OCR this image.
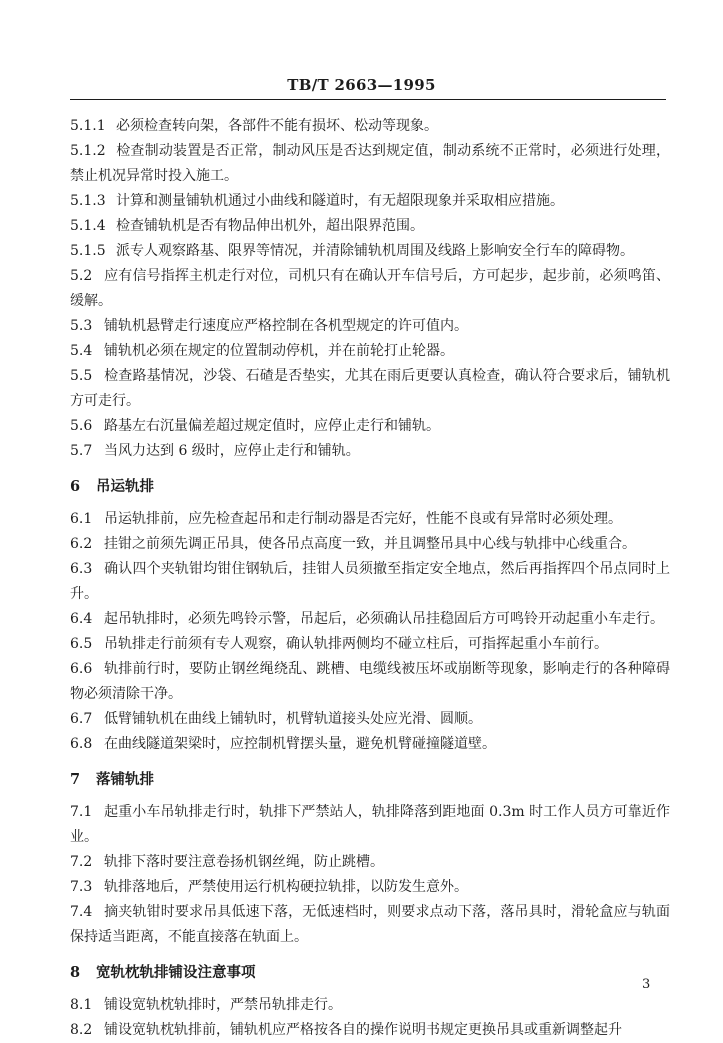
TB/T 2663—1995
5.1.1 必须检查转向架，各部件不能有损坏、松动等现象。
5.1.2 检查制动装置是否正常，制动风压是否达到规定值，制动系统不正常时，必须进行处理，禁止机况异常时投入施工。
5.1.3 计算和测量铺轨机通过小曲线和隧道时，有无超限现象并采取相应措施。
5.1.4 检查铺轨机是否有物品伸出机外，超出限界范围。
5.1.5 派专人观察路基、限界等情况，并清除铺轨机周围及线路上影响安全行车的障碍物。
5.2 应有信号指挥主机走行对位，司机只有在确认开车信号后，方可起步，起步前，必须鸣笛、缓解。
5.3 铺轨机悬臂走行速度应严格控制在各机型规定的许可值内。
5.4 铺轨机必须在规定的位置制动停机，并在前轮打止轮器。
5.5 检查路基情况，沙袋、石碴是否垫实，尤其在雨后更要认真检查，确认符合要求后，铺轨机方可走行。
5.6 路基左右沉量偏差超过规定值时，应停止走行和铺轨。
5.7 当风力达到 6 级时，应停止走行和铺轨。
6 吊运轨排
6.1 吊运轨排前，应先检查起吊和走行制动器是否完好，性能不良或有异常时必须处理。
6.2 挂钳之前须先调正吊具，使各吊点高度一致，并且调整吊具中心线与轨排中心线重合。
6.3 确认四个夹轨钳均钳住钢轨后，挂钳人员须撤至指定安全地点，然后再指挥四个吊点同时上升。
6.4 起吊轨排时，必须先鸣铃示警，吊起后，必须确认吊挂稳固后方可鸣铃开动起重小车走行。
6.5 吊轨排走行前须有专人观察，确认轨排两侧均不碰立柱后，可指挥起重小车前行。
6.6 轨排前行时，要防止钢丝绳绕乱、跳槽、电缆线被压坏或崩断等现象，影响走行的各种障碍物必须清除干净。
6.7 低臂铺轨机在曲线上铺轨时，机臂轨道接头处应光滑、圆顺。
6.8 在曲线隧道架梁时，应控制机臂摆头量，避免机臂碰撞隧道壁。
7 落铺轨排
7.1 起重小车吊轨排走行时，轨排下严禁站人，轨排降落到距地面 0.3m 时工作人员方可靠近作业。
7.2 轨排下落时要注意卷扬机钢丝绳，防止跳槽。
7.3 轨排落地后，严禁使用运行机构硬拉轨排，以防发生意外。
7.4 摘夹轨钳时要求吊具低速下落，无低速档时，则要求点动下落，落吊具时，滑轮盒应与轨面保持适当距离，不能直接落在轨面上。
8 宽轨枕轨排铺设注意事项
8.1 铺设宽轨枕轨排时，严禁吊轨排走行。
8.2 铺设宽轨枕轨排前，铺轨机应严格按各自的操作说明书规定更换吊具或重新调整起升
3
